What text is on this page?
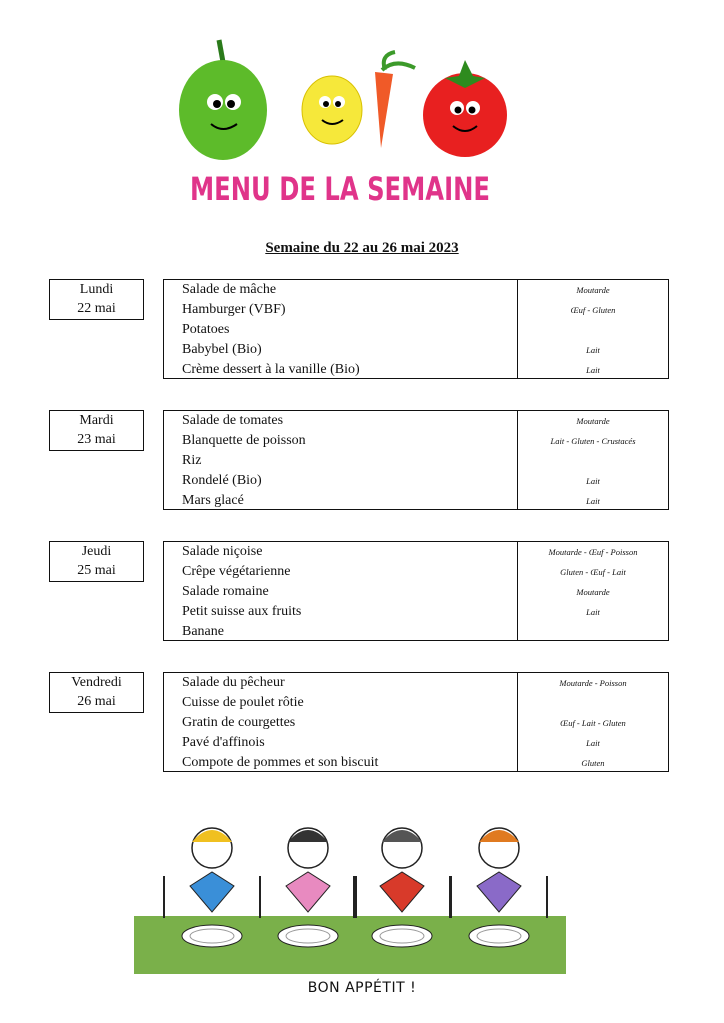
MENU DE LA SEMAINE
Semaine du 22 au 26 mai 2023
Lundi
22 mai
Salade de mâche
Hamburger (VBF)
Potatoes
Babybel (Bio)
Crème dessert à la vanille (Bio)
Moutarde
Œuf - Gluten
Lait
Lait
Mardi
23 mai
Salade de tomates
Blanquette de poisson
Riz
Rondelé (Bio)
Mars glacé
Moutarde
Lait - Gluten - Crustacés
Lait
Lait
Jeudi
25 mai
Salade niçoise
Crêpe végétarienne
Salade romaine
Petit suisse aux fruits
Banane
Moutarde - Œuf - Poisson
Gluten - Œuf - Lait
Moutarde
Lait
Vendredi
26 mai
Salade du pêcheur
Cuisse de poulet rôtie
Gratin de courgettes
Pavé d'affinois
Compote de pommes et son biscuit
Moutarde - Poisson
Œuf - Lait - Gluten
Lait
Gluten
BON APPÉTIT !
